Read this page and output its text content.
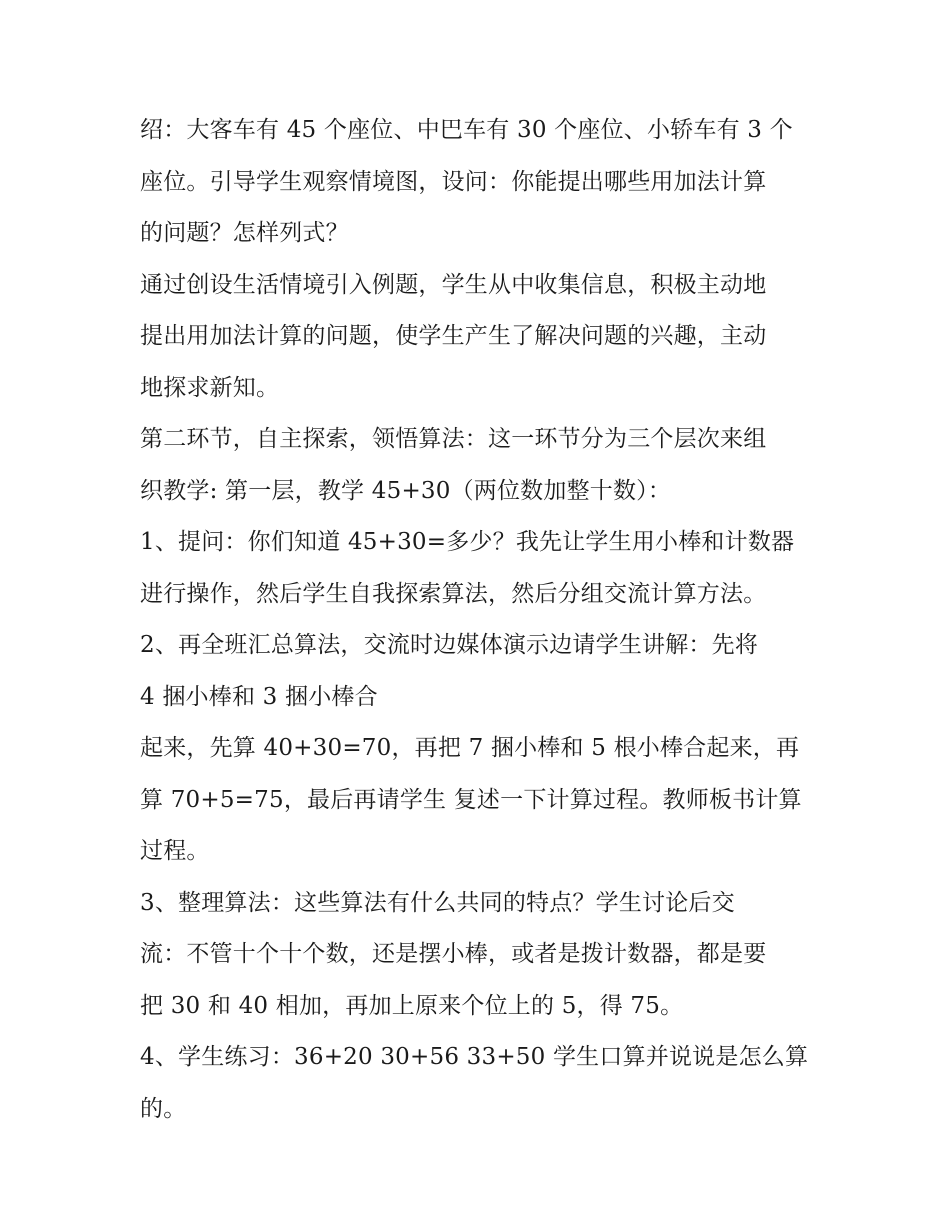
绍：大客车有 45 个座位、中巴车有 30 个座位、小轿车有 3 个
座位。引导学生观察情境图，设问：你能提出哪些用加法计算
的问题？怎样列式？
通过创设生活情境引入例题，学生从中收集信息，积极主动地
提出用加法计算的问题，使学生产生了解决问题的兴趣，主动
地探求新知。
第二环节，自主探索，领悟算法：这一环节分为三个层次来组
织教学: 第一层，教学 45+30（两位数加整十数）：
1、提问：你们知道 45+30=多少？我先让学生用小棒和计数器
进行操作，然后学生自我探索算法，然后分组交流计算方法。
2、再全班汇总算法，交流时边媒体演示边请学生讲解：先将
4 捆小棒和 3 捆小棒合
起来，先算 40+30=70，再把 7 捆小棒和 5 根小棒合起来，再
算 70+5=75，最后再请学生 复述一下计算过程。教师板书计算
过程。
3、整理算法：这些算法有什么共同的特点？学生讨论后交
流：不管十个十个数，还是摆小棒，或者是拨计数器，都是要
把 30 和 40 相加，再加上原来个位上的 5，得 75。
4、学生练习：36+20 30+56 33+50 学生口算并说说是怎么算
的。
